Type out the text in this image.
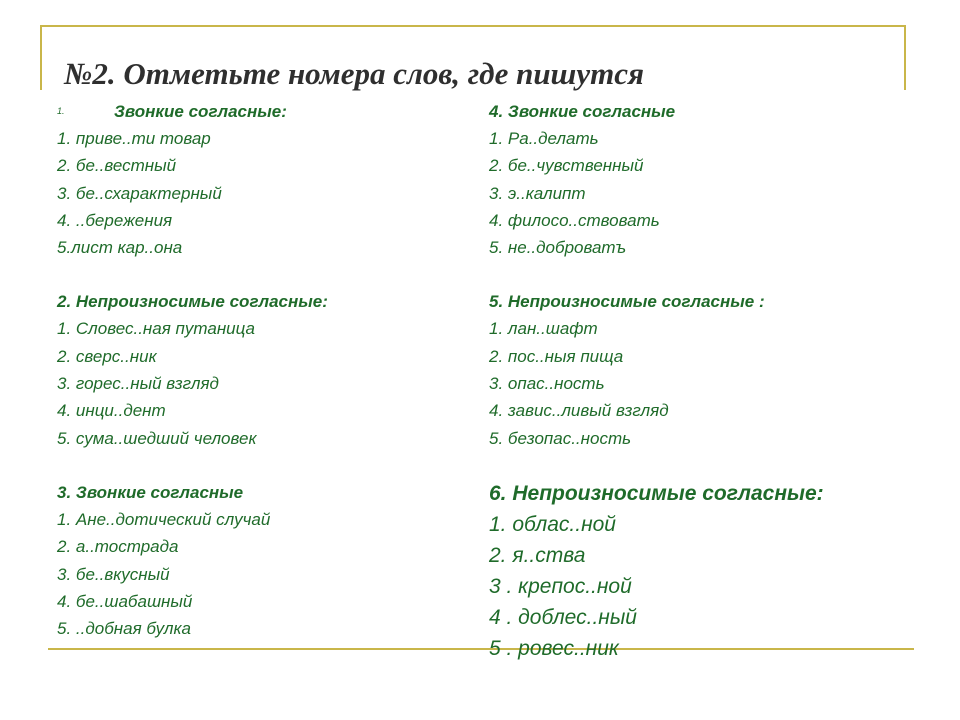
№2. Отметьте номера слов, где пишутся
1.	Звонкие согласные:
1. приве..ти товар
2. бе..вестный
3. бе..схарактерный
4. ..бережения
5.лист кар..она
2. Непроизносимые согласные:
1. Словес..ная путаница
2. сверс..ник
3. горес..ный взгляд
4. инци..дент
5. сума..шедший человек
3. Звонкие согласные
1. Ане..дотический случай
2. а..тострада
3. бе..вкусный
4. бе..шабашный
5. ..добная булка
4. Звонкие согласные
1. Ра..делать
2. бе..чувственный
3. э..калипт
4. филосо..ствовать
5. не..доброватъ
5. Непроизносимые согласные :
1. лан..шафт
2. пос..ныя пища
3. опас..ность
4. завис..ливый взгляд
5. безопас..ность
6. Непроизносимые согласные:
1. облас..ной
2. я..ства
3 . крепос..ной
4 . доблес..ный
5 . ровес..ник
